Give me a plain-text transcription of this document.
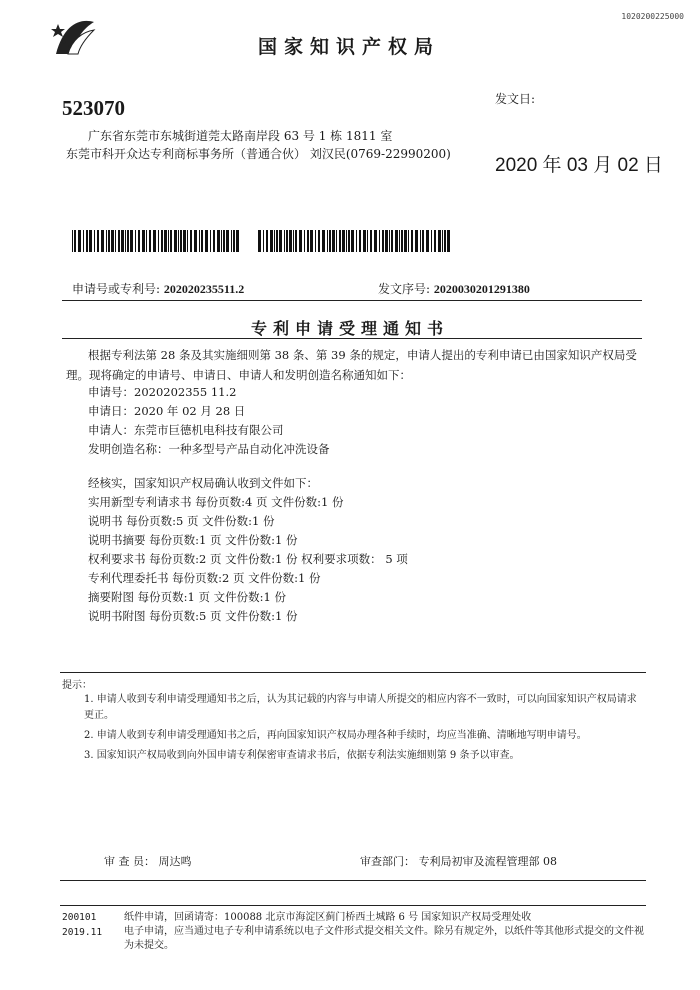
1020200225000
国家知识产权局
523070
广东省东莞市东城街道莞太路南岸段 63 号 1 栋 1811 室
东莞市科开众达专利商标事务所（普通合伙） 刘汉民(0769-22990200)
发文日:
2020 年 03 月 02 日
申请号或专利号: 202020235511.2	发文序号: 2020030201291380
专利申请受理通知书
根据专利法第 28 条及其实施细则第 38 条、第 39 条的规定，申请人提出的专利申请已由国家知识产权局受理。现将确定的申请号、申请日、申请人和发明创造名称通知如下：
申请号：2020202355 11.2
申请日：2020 年 02 月 28 日
申请人：东莞市巨德机电科技有限公司
发明创造名称：一种多型号产品自动化冲洗设备
经核实，国家知识产权局确认收到文件如下：
实用新型专利请求书 每份页数:4 页 文件份数:1 份
说明书 每份页数:5 页 文件份数:1 份
说明书摘要 每份页数:1 页 文件份数:1 份
权利要求书 每份页数:2 页 文件份数:1 份 权利要求项数： 5 项
专利代理委托书 每份页数:2 页 文件份数:1 份
摘要附图 每份页数:1 页 文件份数:1 份
说明书附图 每份页数:5 页 文件份数:1 份
提示：
1. 申请人收到专利申请受理通知书之后，认为其记载的内容与申请人所提交的相应内容不一致时，可以向国家知识产权局请求更正。
2. 申请人收到专利申请受理通知书之后，再向国家知识产权局办理各种手续时，均应当准确、清晰地写明申请号。
3. 国家知识产权局收到向外国申请专利保密审查请求书后，依据专利法实施细则第 9 条予以审查。
审 查 员： 周达鸣	审查部门： 专利局初审及流程管理部 08
200101
2019.11
纸件申请，回函请寄：100088 北京市海淀区蓟门桥西土城路 6 号 国家知识产权局受理处收
电子申请，应当通过电子专利申请系统以电子文件形式提交相关文件。除另有规定外，以纸件等其他形式提交的文件视为未提交。
